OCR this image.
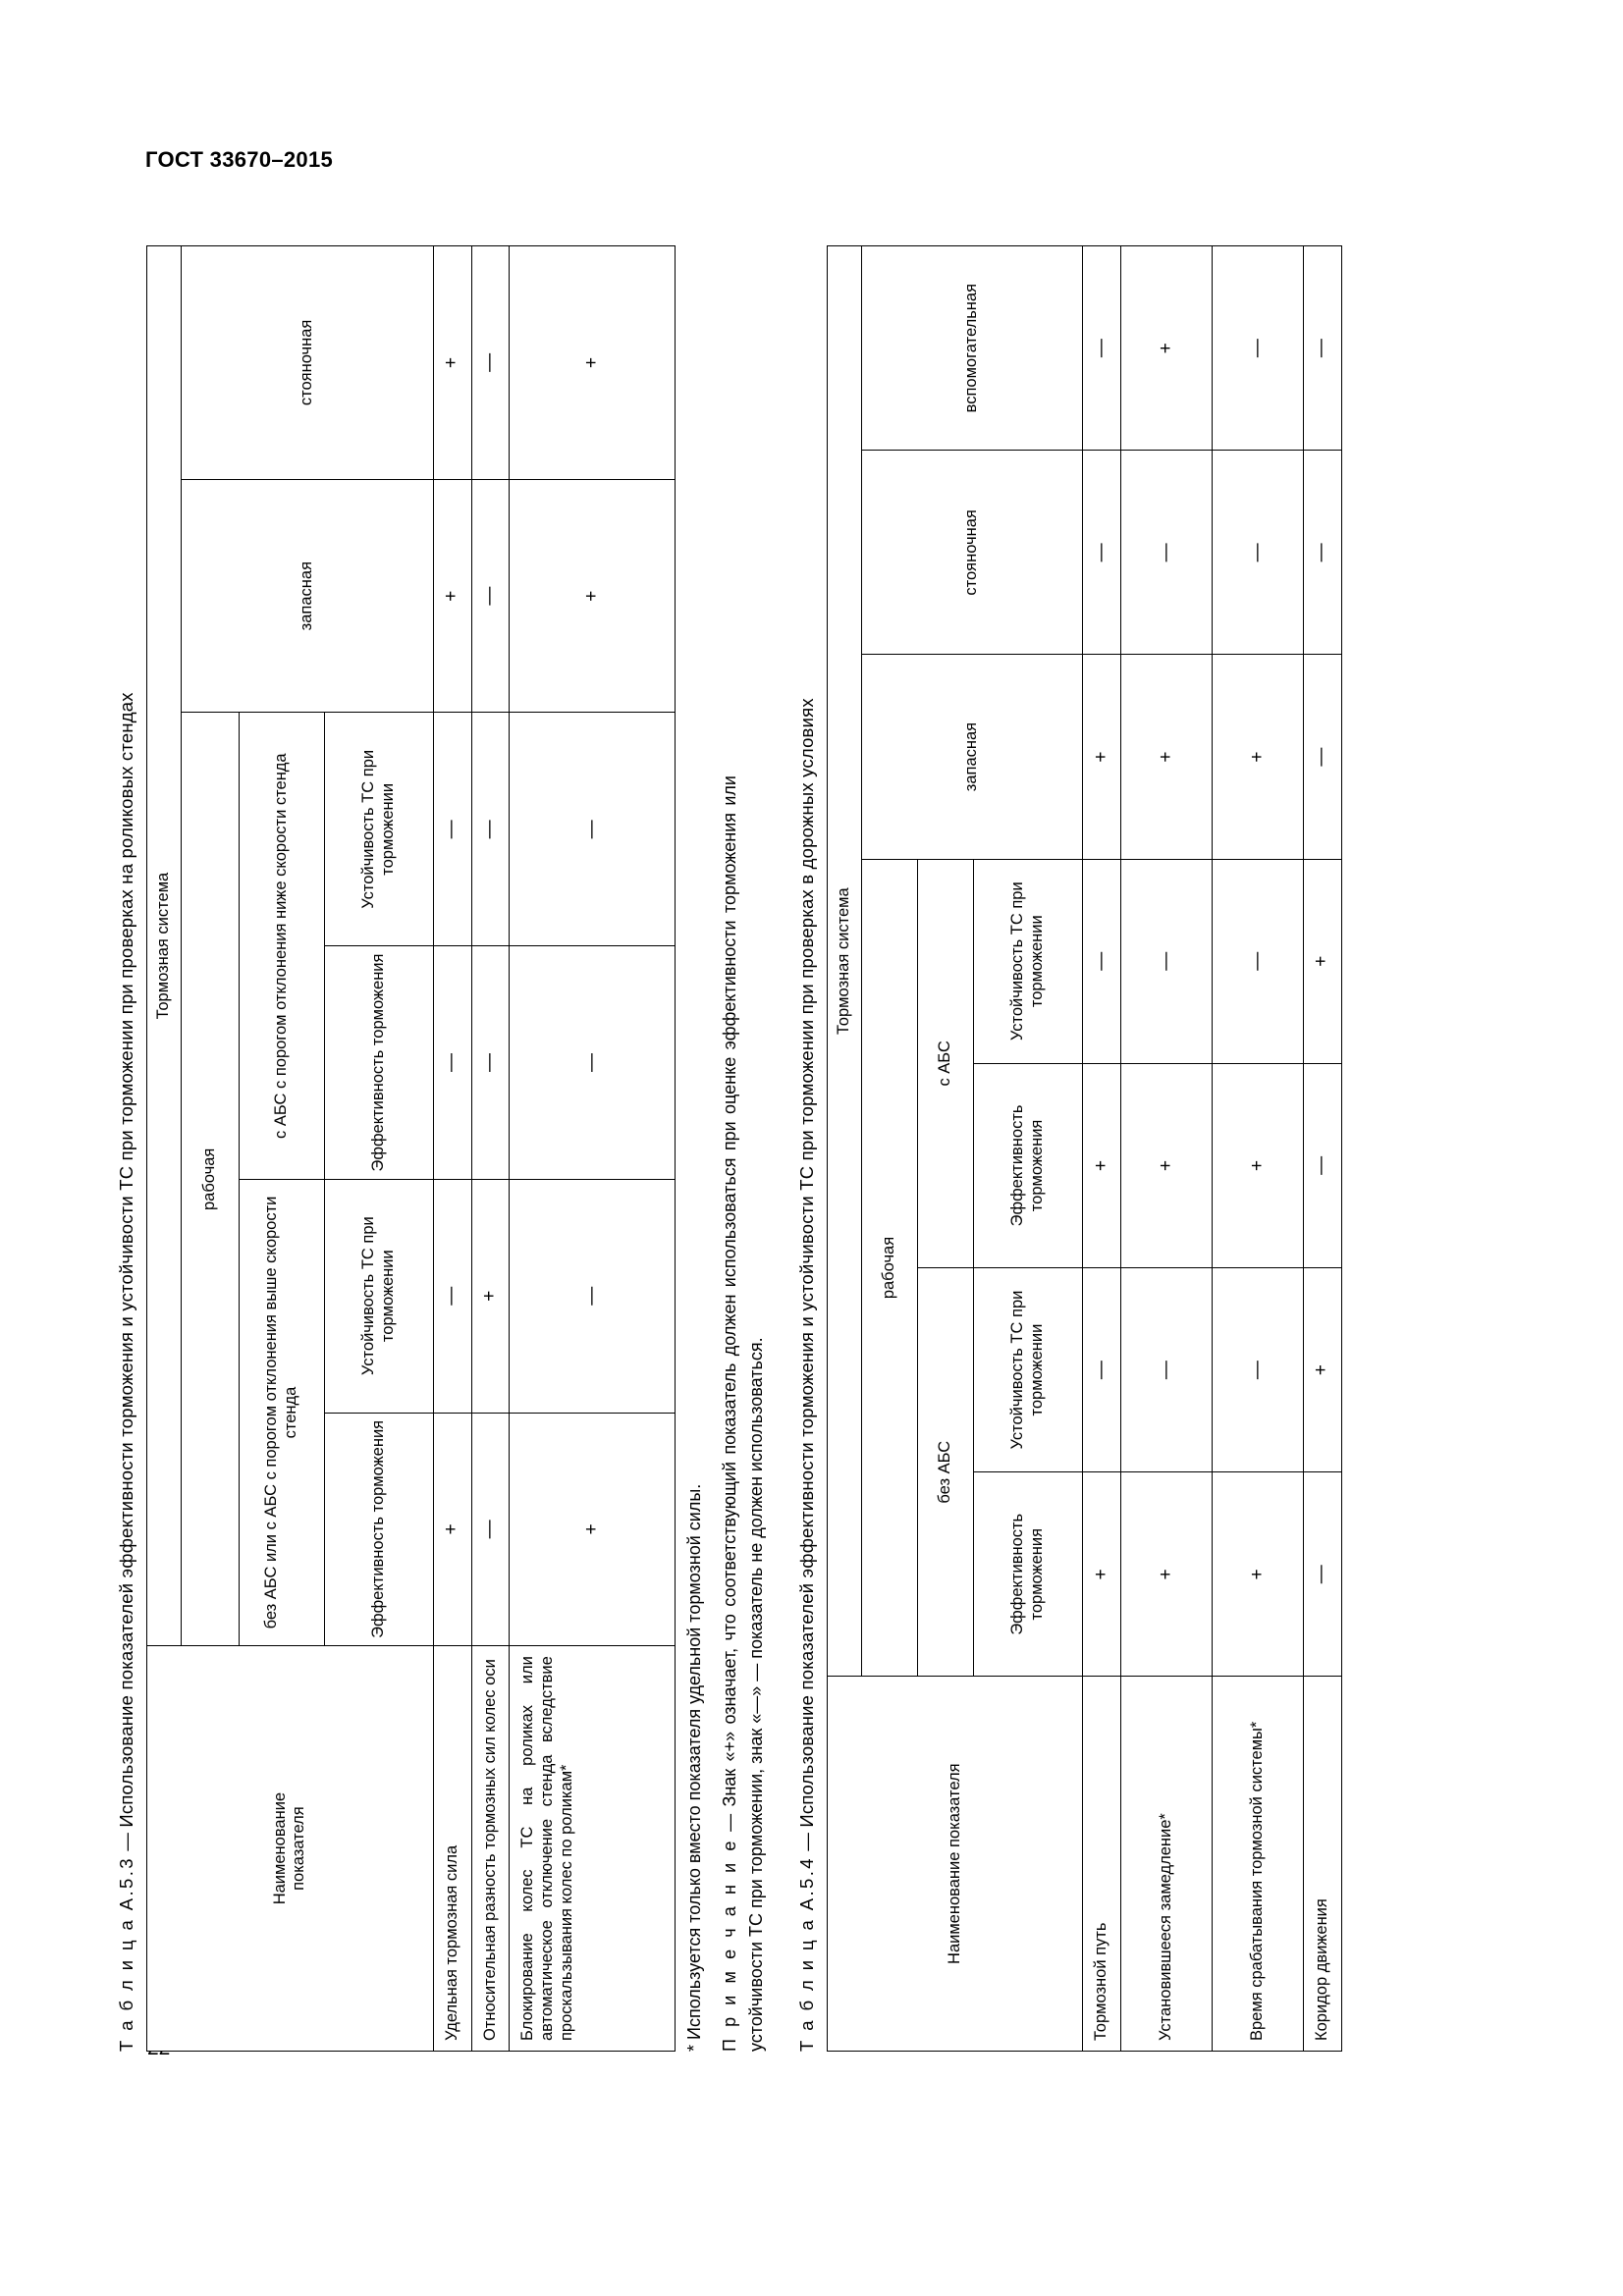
ГОСТ 33670–2015
Т а б л и ц а А.5.3 — Использование показателей эффективности торможения и устойчивости ТС при торможении при проверках на роликовых стендах	Наименование показателя	Тормозная система					
	рабочая				запасная	стояночная
	без АБС или с АБС с порогом отклонения выше скорости стенда		с АБС с порогом отклонения ниже скорости стенда			

	Эффективность торможения	Устойчивость ТС при торможении	Эффективность торможения	Устойчивость ТС при торможении		

Удельная тормозная сила	+	—	—	—	+	+
Относительная разность тормозных сил колес оси	—	+	—	—	—	—
Блокирование колес ТС на роликах или автоматическое отключение стенда вследствие проскальзывания колес по роликам*	+	—	—	—	+	+
* Используется только вместо показателя удельной тормозной силы. П р и м е ч а н и е — Знак «+» означает, что соответствующий показатель должен использоваться при оценке эффективности торможения или устойчивости ТС при торможении, знак «—» — показатель не должен использоваться. Т а б л и ц а А.5.4 — Использование показателей эффективности торможения и устойчивости ТС при торможении при проверках в дорожных условиях
Наименование показателя	Тормозная система						
	рабочая				запасная	стояночная	вспомогательная
	без АБС		с АБС				
	Эффективность торможения	Устойчивость ТС при торможении	Эффективность торможения	Устойчивость ТС при торможении			
Тормозной путь	+	—	+	—	+	—	—
Установившееся замедление*	+	—	+	—	+	—	+
Время срабатывания тормозной системы*	+	—	+	—	+	—	—
Коридор движения	—	+	—	+	—	—	—
